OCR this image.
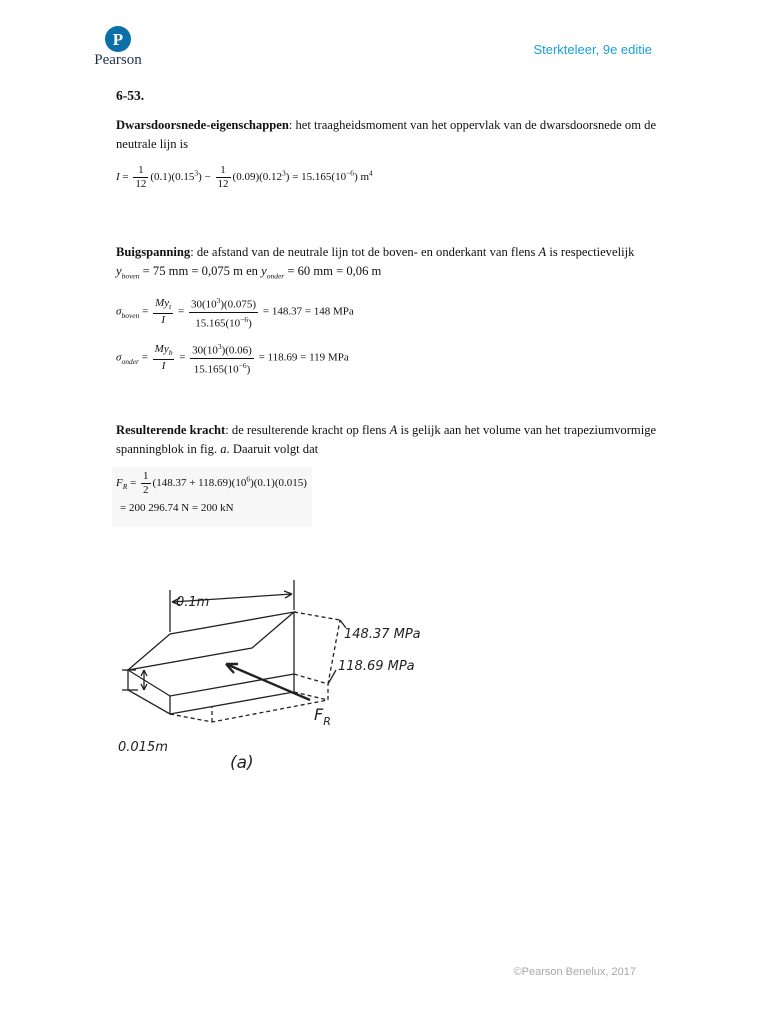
P
Pearson
Sterkteleer, 9e editie
6-53.
Dwarsdoorsnede-eigenschappen: het traagheidsmoment van het oppervlak van de dwarsdoorsnede om de neutrale lijn is
$I = \frac{1}{12} (0.1)(0.15^3) - \frac{1}{12} (0.09)(0.12^3) = 15.165(10^{-6})$ $m^4$
Buigspanning: de afstand van de neutrale lijn tot de boven- en onderkant van flens A is respectievelijk
$y_{boven} = 75$ mm = 0,075 m en $y_{onder} = 60$ mm = 0,06 m
$\sigma_{boven} = \frac{My_t}{I} = \frac{30(10^3)(0.075)}{15.165(10^{-6})} = 148.37 = 148$ MPa
$\sigma_{onder} = \frac{My_b}{I} = \frac{30(10^3)(0.06)}{15.165(10^{-6})} = 118.69 = 119$ MPa
Resulterende kracht: de resulterende kracht op flens A is gelijk aan het volume van het trapeziumvormige spanningblok in fig. a. Daaruit volgt dat
$F_R = \frac{1}{2} (148.37 + 118.69)(10^6)(0.1)(0.015)$
= 200 296.74 N = 200 kN
0.1m
148.37 MPa
118.69 MPa
$F_R$
0.015m
(a)
©Pearson Benelux, 2017
